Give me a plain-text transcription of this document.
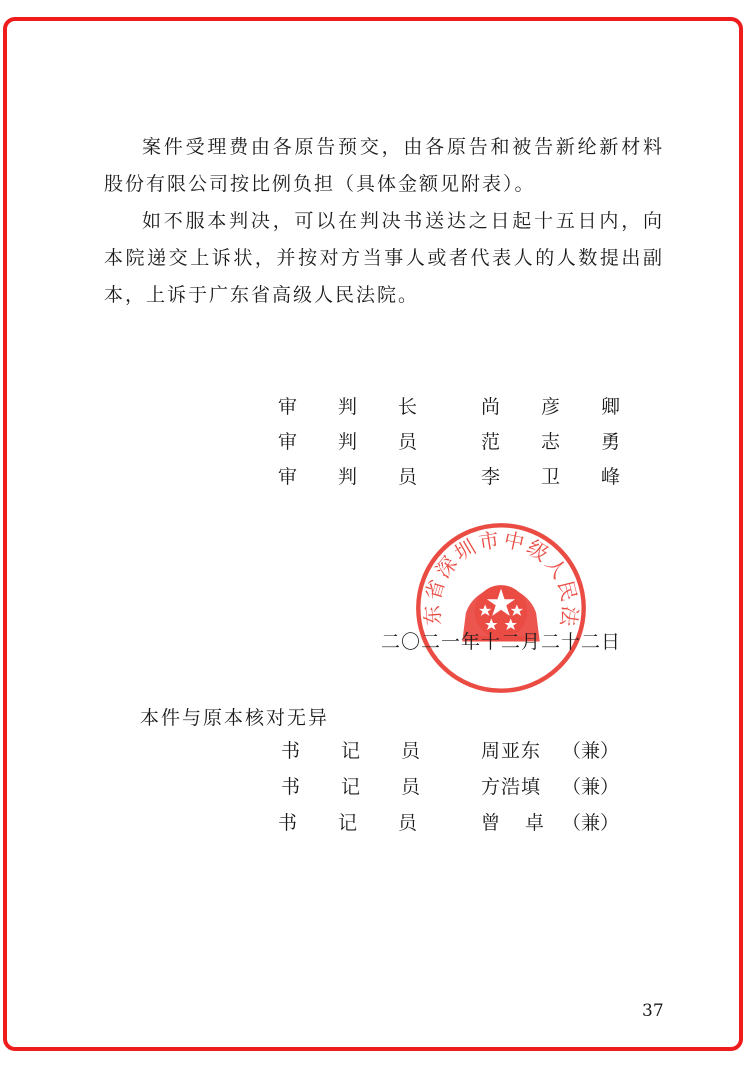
案件受理费由各原告预交，由各原告和被告新纶新材料股份有限公司按比例负担（具体金额见附表）。

如不服本判决，可以在判决书送达之日起十五日内，向本院递交上诉状，并按对方当事人或者代表人的人数提出副本，上诉于广东省高级人民法院。

审 判 长	尚 彦 卿
审 判 员	范 志 勇
审 判 员	李 卫 峰
东省深圳市中级人民法
二〇二一年十二月二十二日
本件与原本核对无异
书 记 员	周亚东 （兼）
书 记 员	方浩填 （兼）
书 记 员	曾　卓 （兼）
37
